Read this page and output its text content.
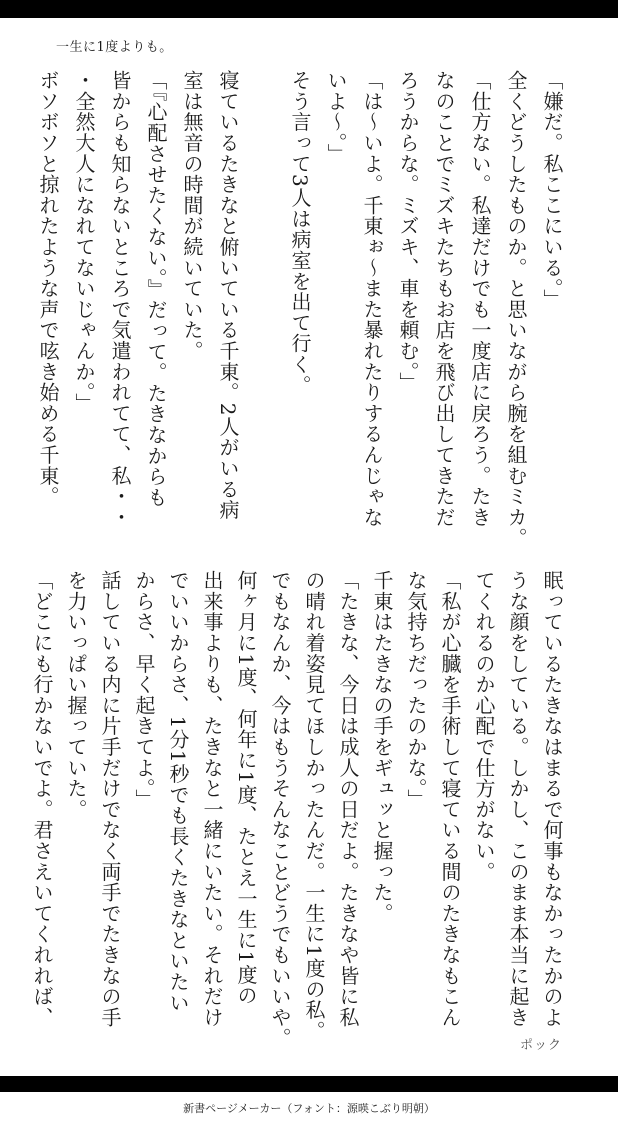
一生に1度よりも。
「嫌だ。私ここにいる。」
全くどうしたものか。と思いながら腕を組むミカ。
「仕方ない。私達だけでも一度店に戻ろう。たき
なのことでミズキたちもお店を飛び出してきただ
ろうからな。ミズキ、車を頼む。」
「は〜いよ。千東ぉ〜また暴れたりするんじゃな
いよ〜。」
そう言って3人は病室を出て行く。
寝ているたきなと俯いている千東。2人がいる病
室は無音の時間が続いていた。
「『心配させたくない。』だって。たきなからも
皆からも知らないところで気遣われてて、私・・
・全然大人になれてないじゃんか。」
ボソボソと掠れたような声で呟き始める千東。
眠っているたきなはまるで何事もなかったかのよ
うな顔をしている。しかし、このまま本当に起き
てくれるのか心配で仕方がない。
「私が心臓を手術して寝ている間のたきなもこん
な気持ちだったのかな。」
千東はたきなの手をギュッと握った。
「たきな、今日は成人の日だよ。たきなや皆に私
の晴れ着姿見てほしかったんだ。一生に1度の私。
でもなんか、今はもうそんなことどうでもいいや。
何ヶ月に1度、何年に1度、たとえ一生に1度の
出来事よりも、たきなと一緒にいたい。それだけ
でいいからさ、1分1秒でも長くたきなといたい
からさ、早く起きてよ。」
話している内に片手だけでなく両手でたきなの手
を力いっぱい握っていた。
「どこにも行かないでよ。君さえいてくれれば、
ポック
新書ページメーカー（フォント：源暎こぶり明朝）
